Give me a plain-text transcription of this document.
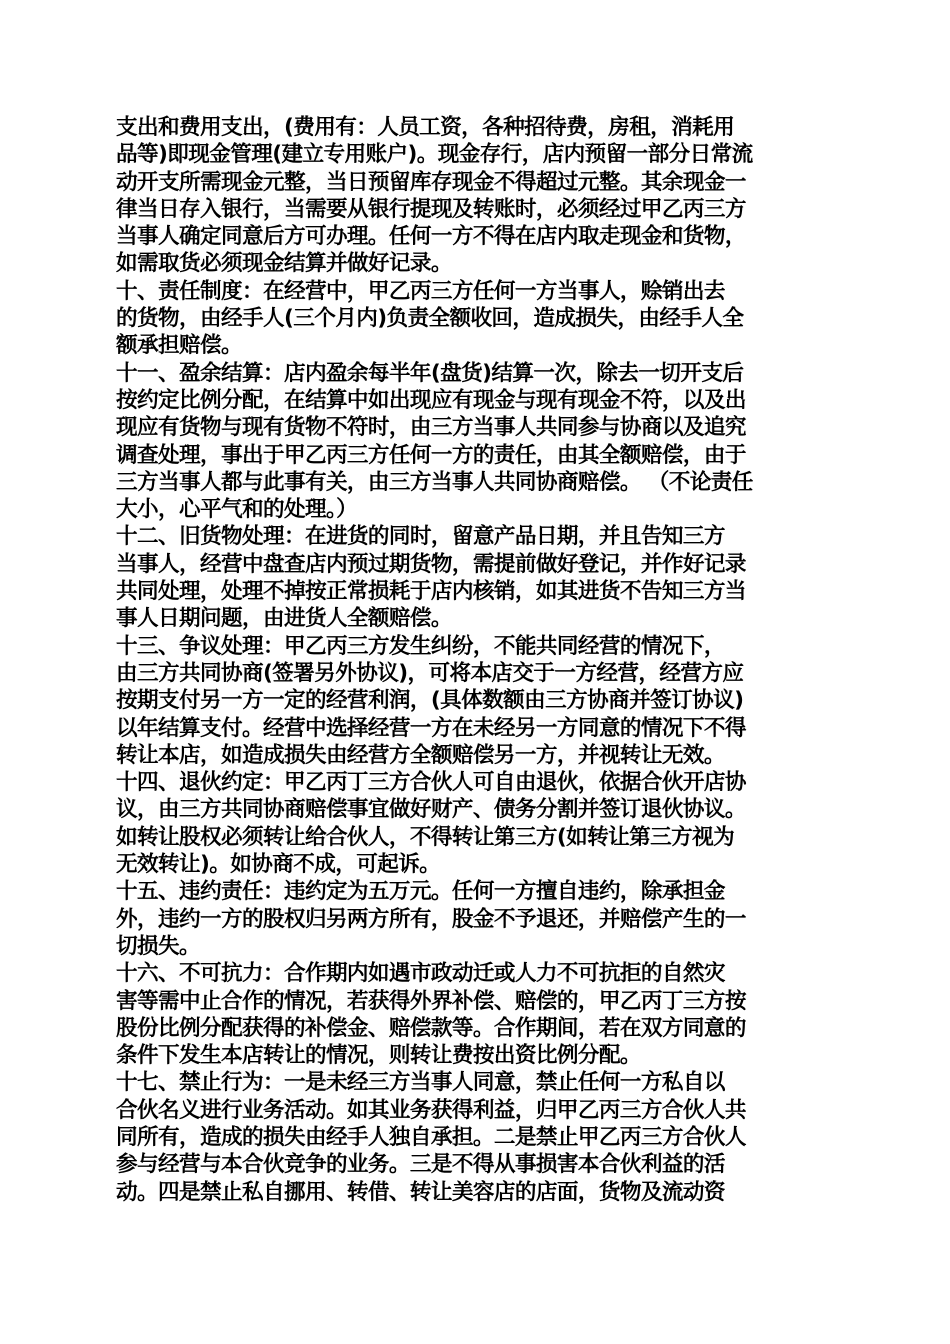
支出和费用支出，(费用有：人员工资，各种招待费，房租，消耗用
品等)即现金管理(建立专用账户)。现金存行，店内预留一部分日常流
动开支所需现金元整，当日预留库存现金不得超过元整。其余现金一
律当日存入银行，当需要从银行提现及转账时，必须经过甲乙丙三方
当事人确定同意后方可办理。任何一方不得在店内取走现金和货物，
如需取货必须现金结算并做好记录。
十、责任制度：在经营中，甲乙丙三方任何一方当事人，赊销出去
的货物，由经手人(三个月内)负责全额收回，造成损失，由经手人全
额承担赔偿。
十一、盈余结算：店内盈余每半年(盘货)结算一次，除去一切开支后
按约定比例分配，在结算中如出现应有现金与现有现金不符，以及出
现应有货物与现有货物不符时，由三方当事人共同参与协商以及追究
调查处理，事出于甲乙丙三方任何一方的责任，由其全额赔偿，由于
三方当事人都与此事有关，由三方当事人共同协商赔偿。 （不论责任
大小，心平气和的处理。）
十二、旧货物处理：在进货的同时，留意产品日期，并且告知三方
当事人，经营中盘查店内预过期货物，需提前做好登记，并作好记录
共同处理，处理不掉按正常损耗于店内核销，如其进货不告知三方当
事人日期问题，由进货人全额赔偿。
十三、争议处理：甲乙丙三方发生纠纷，不能共同经营的情况下，
由三方共同协商(签署另外协议)，可将本店交于一方经营，经营方应
按期支付另一方一定的经营利润，(具体数额由三方协商并签订协议)
以年结算支付。经营中选择经营一方在未经另一方同意的情况下不得
转让本店，如造成损失由经营方全额赔偿另一方，并视转让无效。
十四、退伙约定：甲乙丙丁三方合伙人可自由退伙，依据合伙开店协
议，由三方共同协商赔偿事宜做好财产、债务分割并签订退伙协议。
如转让股权必须转让给合伙人，不得转让第三方(如转让第三方视为
无效转让)。如协商不成，可起诉。
十五、违约责任：违约定为五万元。任何一方擅自违约，除承担金
外，违约一方的股权归另两方所有，股金不予退还，并赔偿产生的一
切损失。
十六、不可抗力：合作期内如遇市政动迁或人力不可抗拒的自然灾
害等需中止合作的情况，若获得外界补偿、赔偿的，甲乙丙丁三方按
股份比例分配获得的补偿金、赔偿款等。合作期间，若在双方同意的
条件下发生本店转让的情况，则转让费按出资比例分配。
十七、禁止行为：一是未经三方当事人同意，禁止任何一方私自以
合伙名义进行业务活动。如其业务获得利益，归甲乙丙三方合伙人共
同所有，造成的损失由经手人独自承担。二是禁止甲乙丙三方合伙人
参与经营与本合伙竞争的业务。三是不得从事损害本合伙利益的活
动。四是禁止私自挪用、转借、转让美容店的店面，货物及流动资
